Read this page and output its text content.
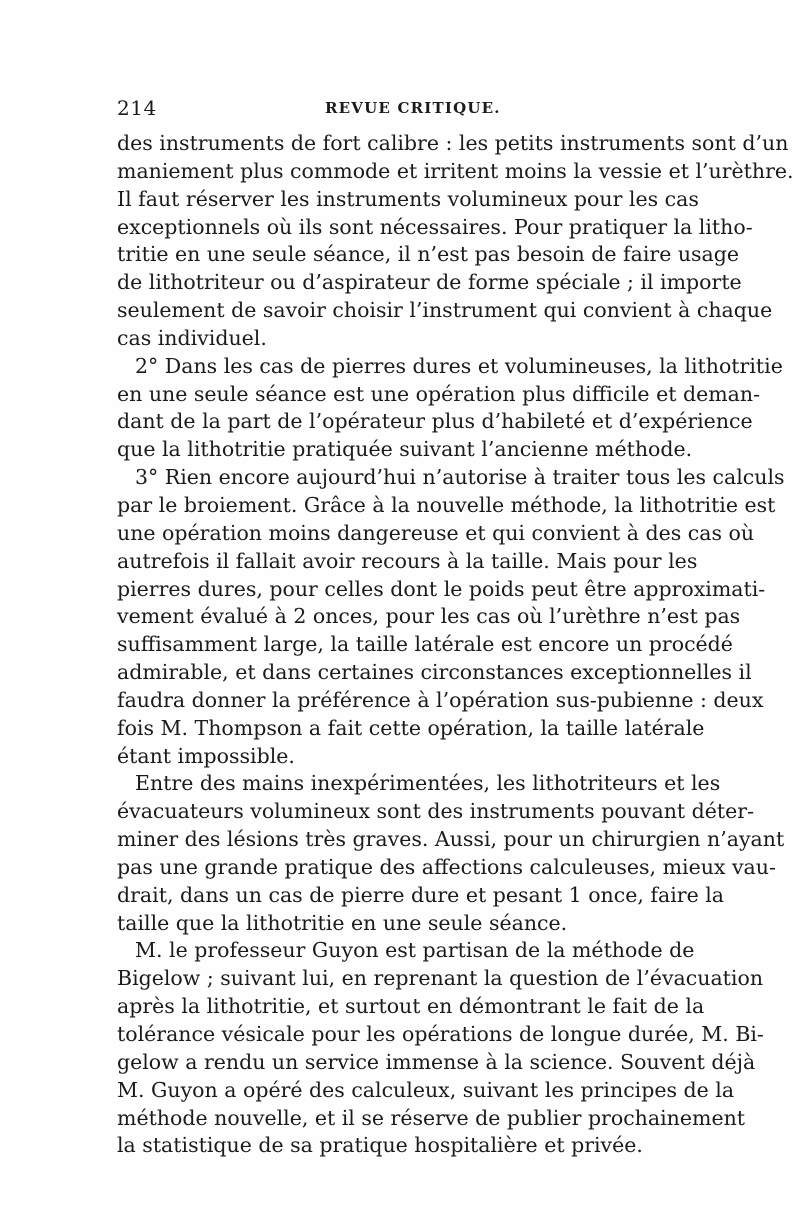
214	REVUE CRITIQUE.
des instruments de fort calibre : les petits instruments sont d’un
maniement plus commode et irritent moins la vessie et l’urèthre.
Il faut réserver les instruments volumineux pour les cas
exceptionnels où ils sont nécessaires. Pour pratiquer la litho-
tritie en une seule séance, il n’est pas besoin de faire usage
de lithotriteur ou d’aspirateur de forme spéciale ; il importe
seulement de savoir choisir l’instrument qui convient à chaque
cas individuel.
2° Dans les cas de pierres dures et volumineuses, la lithotritie
en une seule séance est une opération plus difficile et deman-
dant de la part de l’opérateur plus d’habileté et d’expérience
que la lithotritie pratiquée suivant l’ancienne méthode.
3° Rien encore aujourd’hui n’autorise à traiter tous les calculs
par le broiement. Grâce à la nouvelle méthode, la lithotritie est
une opération moins dangereuse et qui convient à des cas où
autrefois il fallait avoir recours à la taille. Mais pour les
pierres dures, pour celles dont le poids peut être approximati-
vement évalué à 2 onces, pour les cas où l’urèthre n’est pas
suffisamment large, la taille latérale est encore un procédé
admirable, et dans certaines circonstances exceptionnelles il
faudra donner la préférence à l’opération sus-pubienne : deux
fois M. Thompson a fait cette opération, la taille latérale
étant impossible.
Entre des mains inexpérimentées, les lithotriteurs et les
évacuateurs volumineux sont des instruments pouvant déter-
miner des lésions très graves. Aussi, pour un chirurgien n’ayant
pas une grande pratique des affections calculeuses, mieux vau-
drait, dans un cas de pierre dure et pesant 1 once, faire la
taille que la lithotritie en une seule séance.
M. le professeur Guyon est partisan de la méthode de
Bigelow ; suivant lui, en reprenant la question de l’évacuation
après la lithotritie, et surtout en démontrant le fait de la
tolérance vésicale pour les opérations de longue durée, M. Bi-
gelow a rendu un service immense à la science. Souvent déjà
M. Guyon a opéré des calculeux, suivant les principes de la
méthode nouvelle, et il se réserve de publier prochainement
la statistique de sa pratique hospitalière et privée.
